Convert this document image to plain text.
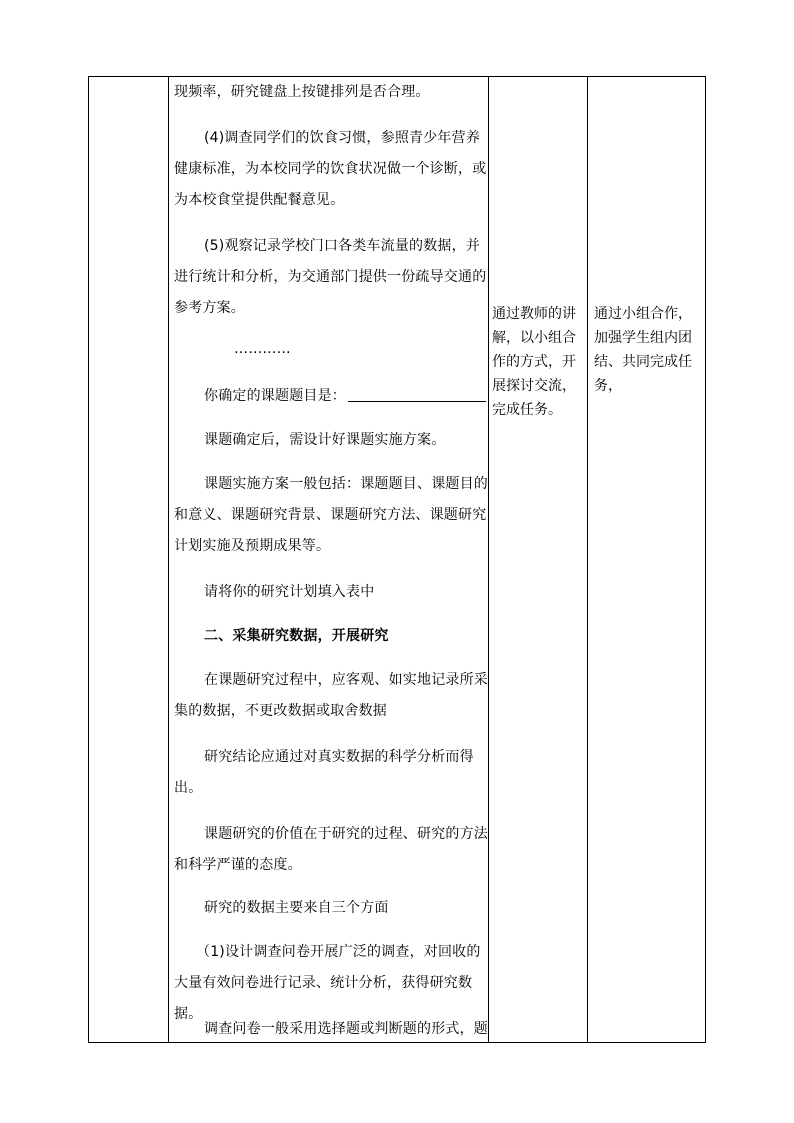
现频率，研究键盘上按键排列是否合理。

(4)调查同学们的饮食习惯，参照青少年营养健康标准，为本校同学的饮食状况做一个诊断，或为本校食堂提供配餐意见。

(5)观察记录学校门口各类车流量的数据，并进行统计和分析，为交通部门提供一份疏导交通的参考方案。

…………

你确定的课题题目是：

课题确定后，需设计好课题实施方案。

课题实施方案一般包括：课题题目、课题目的和意义、课题研究背景、课题研究方法、课题研究计划实施及预期成果等。

请将你的研究计划填入表中

二、采集研究数据，开展研究

在课题研究过程中，应客观、如实地记录所采集的数据，不更改数据或取舍数据

研究结论应通过对真实数据的科学分析而得出。

课题研究的价值在于研究的过程、研究的方法和科学严谨的态度。

研究的数据主要来自三个方面

（1)设计调查问卷开展广泛的调查，对回收的大量有效问卷进行记录、统计分析，获得研究数据。

调查问卷一般采用选择题或判断题的形式，题

通过教师的讲解，以小组合作的方式，开展探讨交流，完成任务。
通过小组合作，加强学生组内团结、共同完成任务，
